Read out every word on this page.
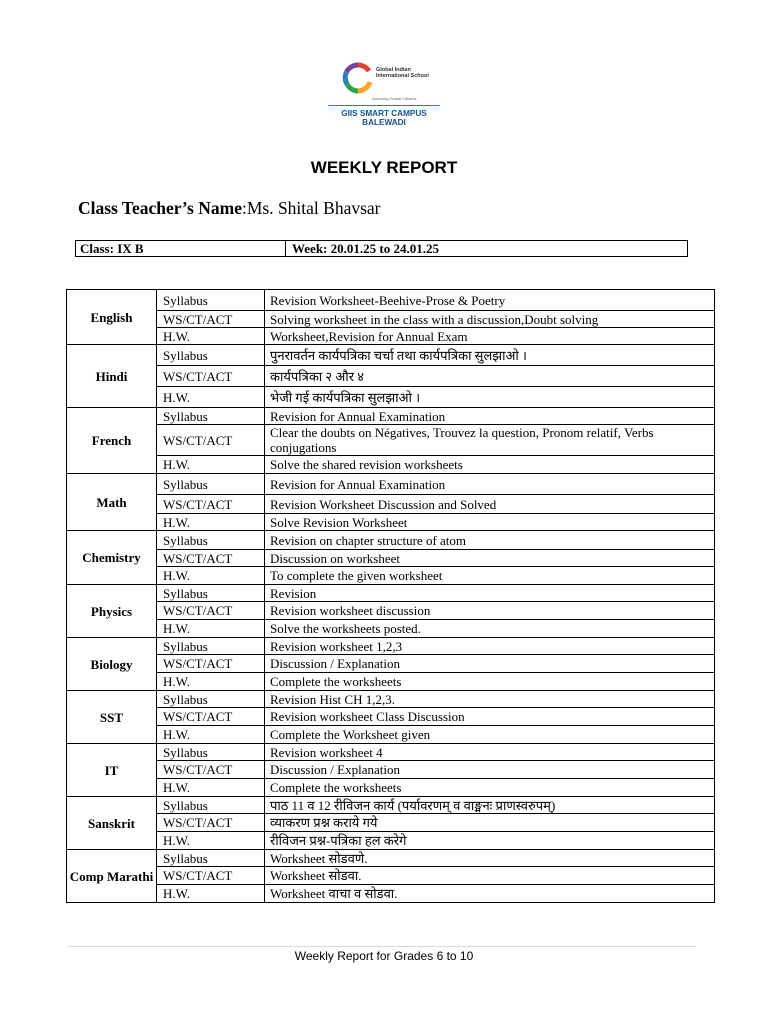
Global Indian International School
Nurturing Global Citizens
GIIS SMART CAMPUS
BALEWADI
WEEKLY REPORT
Class Teacher’s Name:Ms. Shital Bhavsar
Class: IX B	Week: 20.01.25 to 24.01.25
English	Syllabus	Revision Worksheet-Beehive-Prose & Poetry
	WS/CT/ACT	Solving worksheet in the class with a discussion,Doubt solving
	H.W.	Worksheet,Revision for Annual Exam
Hindi	Syllabus	पुनरावर्तन कार्यपत्रिका चर्चा तथा कार्यपत्रिका सुलझाओ ।
	WS/CT/ACT	कार्यपत्रिका २ और ४
	H.W.	भेजी गई कार्यपत्रिका सुलझाओ ।
French	Syllabus	Revision for Annual Examination
	WS/CT/ACT	Clear the doubts on Négatives, Trouvez la question, Pronom relatif, Verbs conjugations
	H.W.	Solve the shared revision worksheets
Math	Syllabus	Revision for Annual Examination
	WS/CT/ACT	Revision Worksheet Discussion and Solved
	H.W.	Solve Revision Worksheet
Chemistry	Syllabus	Revision on chapter structure of atom
	WS/CT/ACT	Discussion on worksheet
	H.W.	To complete the given worksheet
Physics	Syllabus	Revision
	WS/CT/ACT	Revision worksheet discussion
	H.W.	Solve the worksheets posted.
Biology	Syllabus	Revision worksheet 1,2,3
	WS/CT/ACT	Discussion / Explanation
	H.W.	Complete the worksheets
SST	Syllabus	Revision Hist CH 1,2,3.
	WS/CT/ACT	Revision worksheet Class Discussion
	H.W.	Complete the Worksheet given
IT	Syllabus	Revision worksheet 4
	WS/CT/ACT	Discussion / Explanation
	H.W.	Complete the worksheets
Sanskrit	Syllabus	पाठ 11 व 12 रीविजन कार्य (पर्यावरणम् व वाङ्मनः प्राणस्वरुपम्)
	WS/CT/ACT	व्याकरण प्रश्न कराये गये
	H.W.	रीविजन प्रश्न-पत्रिका हल करेगे
Comp Marathi	Syllabus	Worksheet सोडवणे.
	WS/CT/ACT	Worksheet सोडवा.
	H.W.	Worksheet वाचा व सोडवा.
Weekly Report for Grades 6 to 10
